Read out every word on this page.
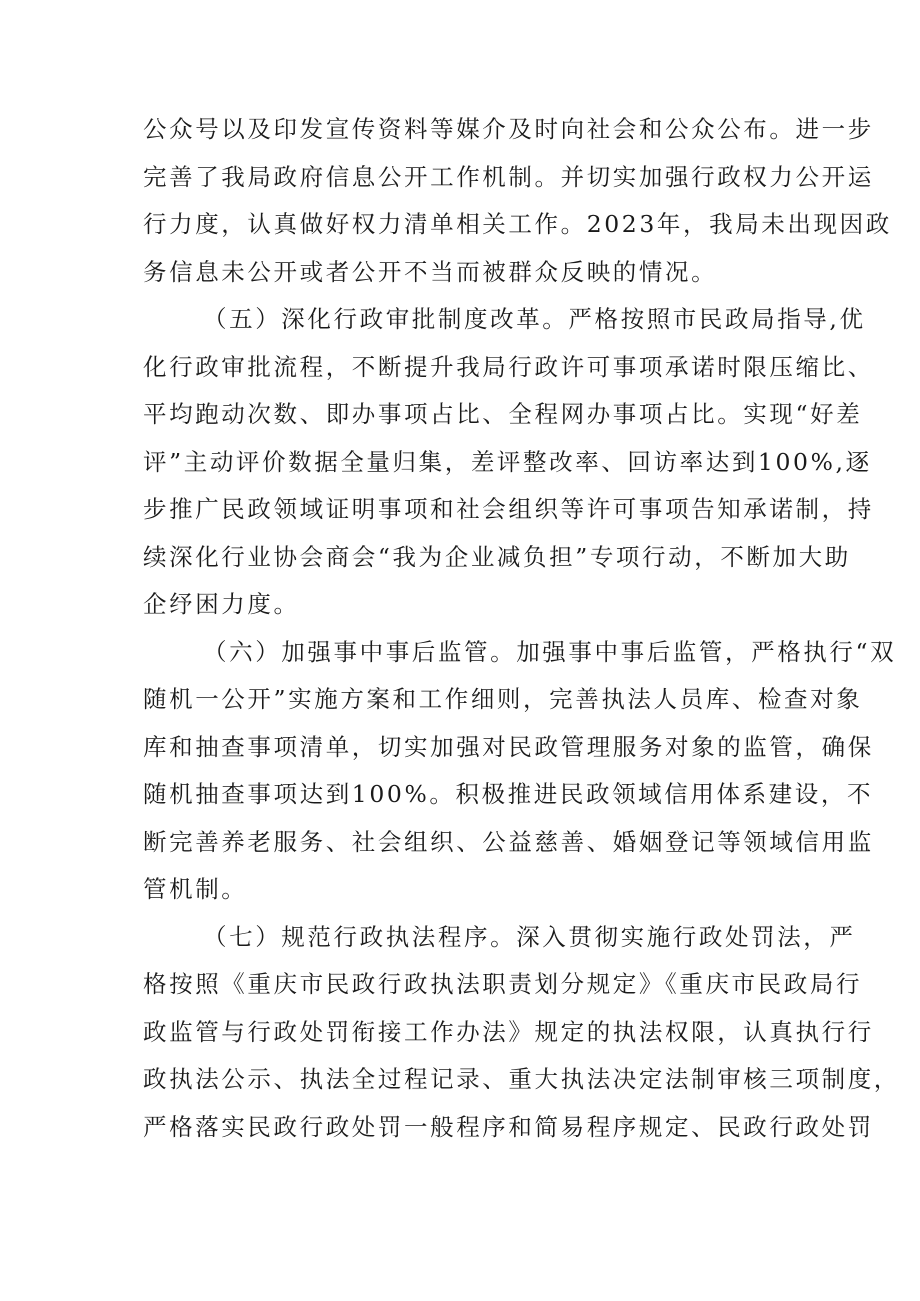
公众号以及印发宣传资料等媒介及时向社会和公众公布。进一步
完善了我局政府信息公开工作机制。并切实加强行政权力公开运
行力度，认真做好权力清单相关工作。2023年，我局未出现因政
务信息未公开或者公开不当而被群众反映的情况。
（五）深化行政审批制度改革。严格按照市民政局指导,优
化行政审批流程，不断提升我局行政许可事项承诺时限压缩比、
平均跑动次数、即办事项占比、全程网办事项占比。实现“好差
评”主动评价数据全量归集，差评整改率、回访率达到100%,逐
步推广民政领域证明事项和社会组织等许可事项告知承诺制，持
续深化行业协会商会“我为企业减负担”专项行动，不断加大助
企纾困力度。
（六）加强事中事后监管。加强事中事后监管，严格执行“双
随机一公开”实施方案和工作细则，完善执法人员库、检查对象
库和抽查事项清单，切实加强对民政管理服务对象的监管，确保
随机抽查事项达到100%。积极推进民政领域信用体系建设，不
断完善养老服务、社会组织、公益慈善、婚姻登记等领域信用监
管机制。
（七）规范行政执法程序。深入贯彻实施行政处罚法，严
格按照《重庆市民政行政执法职责划分规定》《重庆市民政局行
政监管与行政处罚衔接工作办法》规定的执法权限，认真执行行
政执法公示、执法全过程记录、重大执法决定法制审核三项制度，
严格落实民政行政处罚一般程序和简易程序规定、民政行政处罚
